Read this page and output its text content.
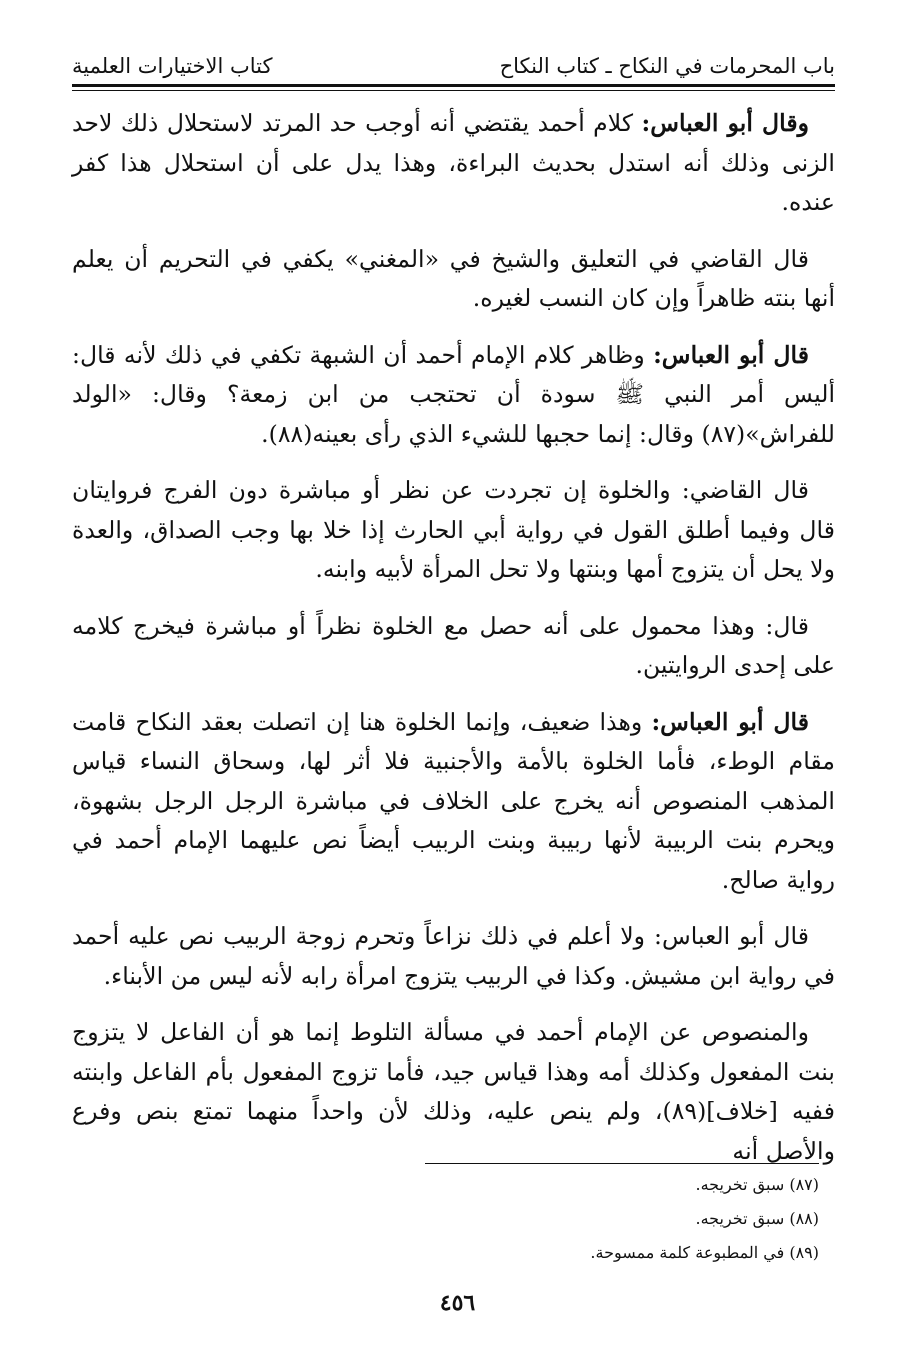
باب المحرمات في النكاح ـ كتاب النكاح
كتاب الاختيارات العلمية

وقال أبو العباس: كلام أحمد يقتضي أنه أوجب حد المرتد لاستحلال ذلك لاحد الزنى وذلك أنه استدل بحديث البراءة، وهذا يدل على أن استحلال هذا كفر عنده.

قال القاضي في التعليق والشيخ في «المغني» يكفي في التحريم أن يعلم أنها بنته ظاهراً وإن كان النسب لغيره.

قال أبو العباس: وظاهر كلام الإمام أحمد أن الشبهة تكفي في ذلك لأنه قال: أليس أمر النبي ﷺ سودة أن تحتجب من ابن زمعة؟ وقال: «الولد للفراش»(٨٧) وقال: إنما حجبها للشيء الذي رأى بعينه(٨٨).

قال القاضي: والخلوة إن تجردت عن نظر أو مباشرة دون الفرج فروايتان قال وفيما أطلق القول في رواية أبي الحارث إذا خلا بها وجب الصداق، والعدة ولا يحل أن يتزوج أمها وبنتها ولا تحل المرأة لأبيه وابنه.

قال: وهذا محمول على أنه حصل مع الخلوة نظراً أو مباشرة فيخرج كلامه على إحدى الروايتين.

قال أبو العباس: وهذا ضعيف، وإنما الخلوة هنا إن اتصلت بعقد النكاح قامت مقام الوطء، فأما الخلوة بالأمة والأجنبية فلا أثر لها، وسحاق النساء قياس المذهب المنصوص أنه يخرج على الخلاف في مباشرة الرجل الرجل بشهوة، ويحرم بنت الربيبة لأنها ربيبة وبنت الربيب أيضاً نص عليهما الإمام أحمد في رواية صالح.

قال أبو العباس: ولا أعلم في ذلك نزاعاً وتحرم زوجة الربيب نص عليه أحمد في رواية ابن مشيش. وكذا في الربيب يتزوج امرأة رابه لأنه ليس من الأبناء.

والمنصوص عن الإمام أحمد في مسألة التلوط إنما هو أن الفاعل لا يتزوج بنت المفعول وكذلك أمه وهذا قياس جيد، فأما تزوج المفعول بأم الفاعل وابنته ففيه [خلاف](٨٩)، ولم ينص عليه، وذلك لأن واحداً منهما تمتع بنص وفرع والأصل أنه

(٨٧) سبق تخريجه.

(٨٨) سبق تخريجه.

(٨٩) في المطبوعة كلمة ممسوحة.

٤٥٦
